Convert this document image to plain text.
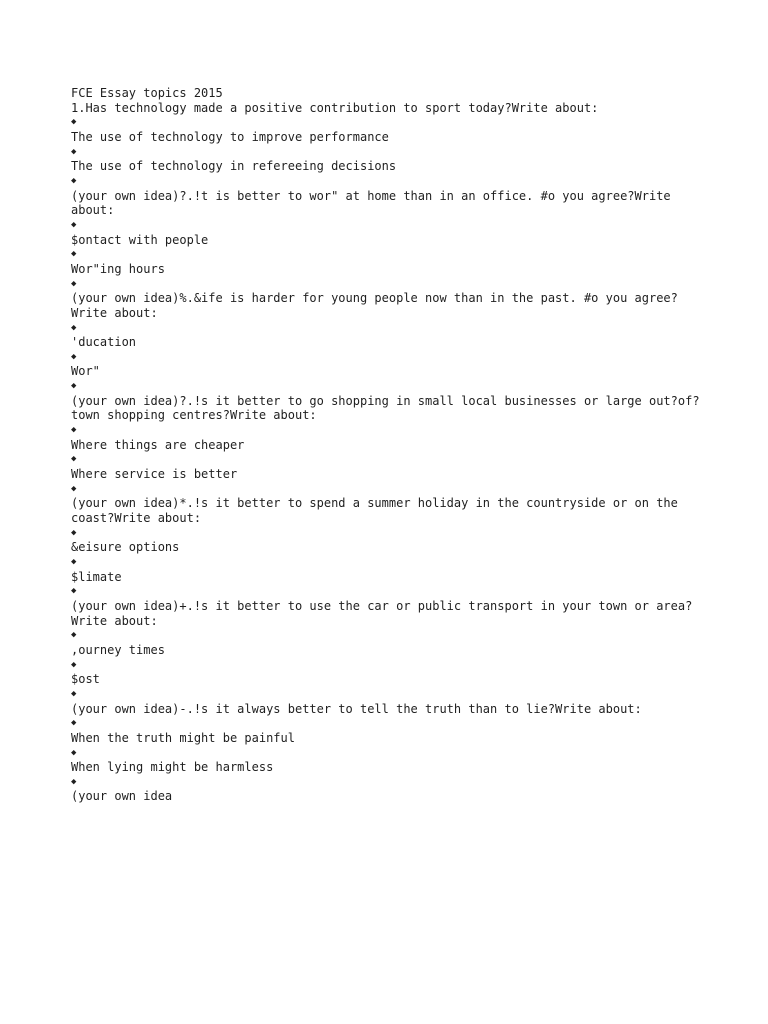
FCE Essay topics 2015
1.Has technology made a positive contribution to sport today?Write about:
◆
The use of technology to improve performance
◆
The use of technology in refereeing decisions
◆
(your own idea)?.!t is better to wor" at home than in an office. #o you agree?Write about:
◆
$ontact with people
◆
Wor"ing hours
◆
(your own idea)%.&ife is harder for young people now than in the past. #o you agree?Write about:
◆
'ducation
◆
Wor"
◆
(your own idea)?.!s it better to go shopping in small local businesses or large out?of?town shopping centres?Write about:
◆
Where things are cheaper
◆
Where service is better
◆
(your own idea)*.!s it better to spend a summer holiday in the countryside or on the coast?Write about:
◆
&eisure options
◆
$limate
◆
(your own idea)+.!s it better to use the car or public transport in your town or area?Write about:
◆
,ourney times
◆
$ost
◆
(your own idea)-.!s it always better to tell the truth than to lie?Write about:
◆
When the truth might be painful
◆
When lying might be harmless
◆
(your own idea
